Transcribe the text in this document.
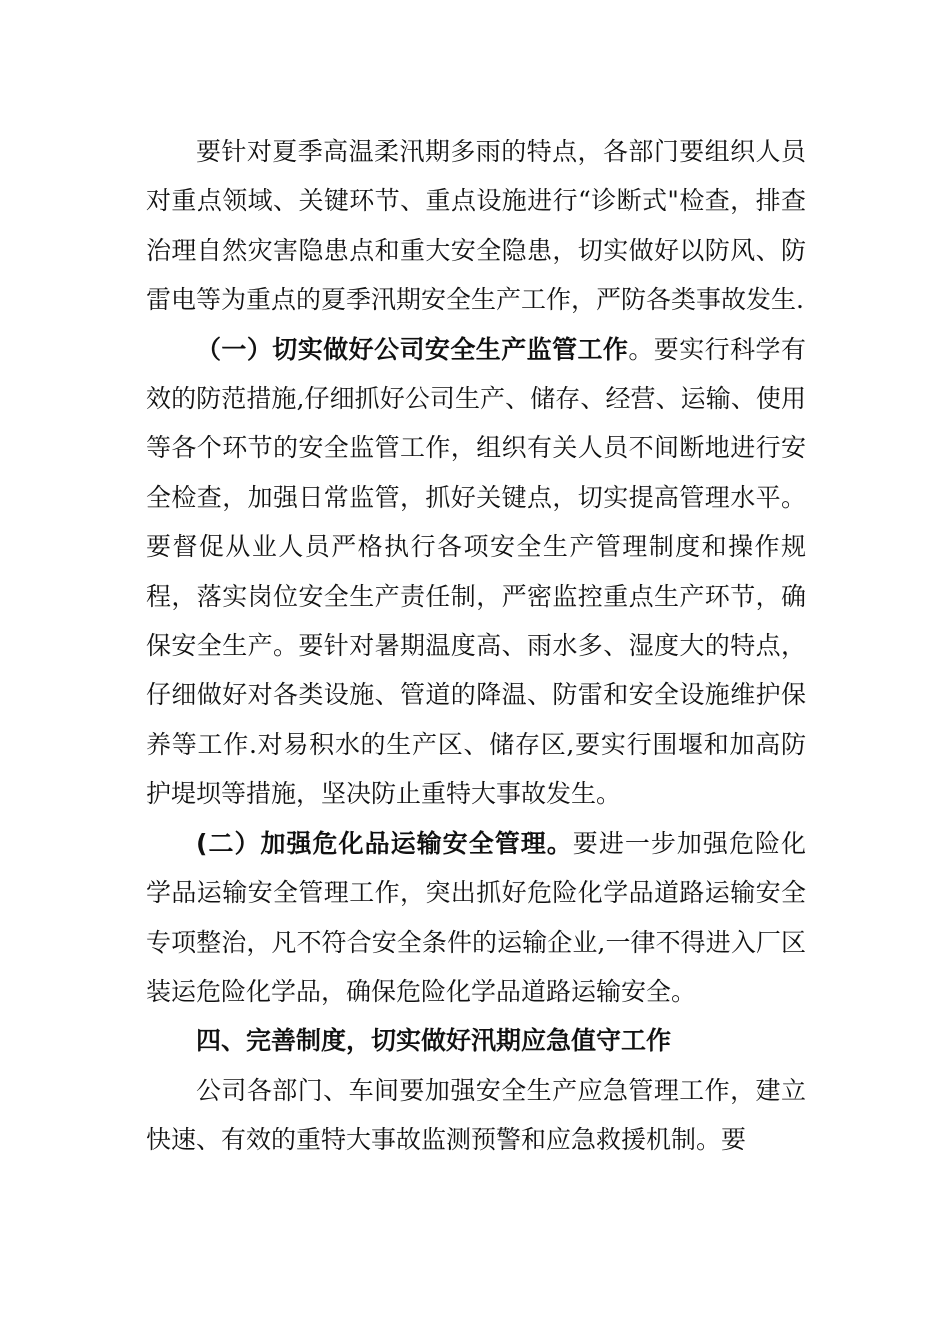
要针对夏季高温柔汛期多雨的特点，各部门要组织人员对重点领域、关键环节、重点设施进行“诊断式"检查，排查治理自然灾害隐患点和重大安全隐患，切实做好以防风、防雷电等为重点的夏季汛期安全生产工作，严防各类事故发生.

（一）切实做好公司安全生产监管工作。要实行科学有效的防范措施,仔细抓好公司生产、储存、经营、运输、使用等各个环节的安全监管工作，组织有关人员不间断地进行安全检查，加强日常监管，抓好关键点，切实提高管理水平。要督促从业人员严格执行各项安全生产管理制度和操作规程，落实岗位安全生产责任制，严密监控重点生产环节，确保安全生产。要针对暑期温度高、雨水多、湿度大的特点，仔细做好对各类设施、管道的降温、防雷和安全设施维护保养等工作.对易积水的生产区、储存区,要实行围堰和加高防护堤坝等措施，坚决防止重特大事故发生。

(二）加强危化品运输安全管理。要进一步加强危险化学品运输安全管理工作，突出抓好危险化学品道路运输安全专项整治，凡不符合安全条件的运输企业,一律不得进入厂区装运危险化学品，确保危险化学品道路运输安全。

四、完善制度，切实做好汛期应急值守工作

公司各部门、车间要加强安全生产应急管理工作，建立快速、有效的重特大事故监测预警和应急救援机制。要
